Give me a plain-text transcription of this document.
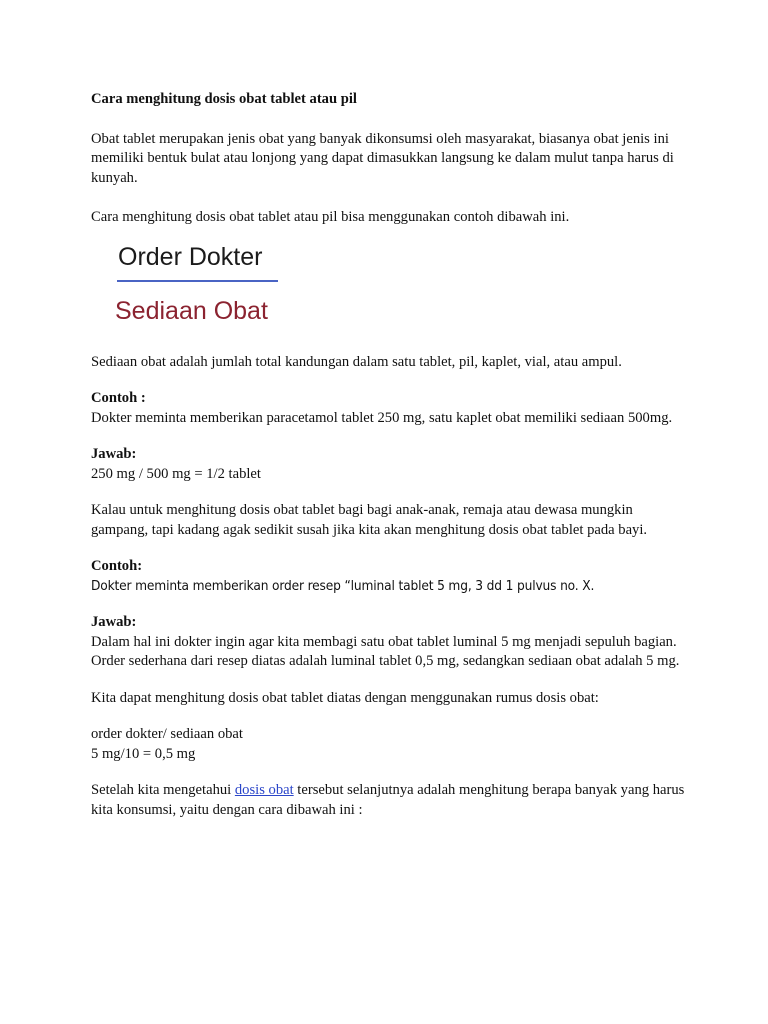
Cara menghitung dosis obat tablet atau pil

Obat tablet merupakan jenis obat yang banyak dikonsumsi oleh masyarakat, biasanya obat jenis ini memiliki bentuk bulat atau lonjong yang dapat dimasukkan langsung ke dalam mulut tanpa harus di kunyah.

Cara menghitung dosis obat tablet atau pil bisa menggunakan contoh dibawah ini.

Sediaan obat adalah jumlah total kandungan dalam satu tablet, pil, kaplet, vial, atau ampul.

Contoh :

Dokter meminta memberikan paracetamol tablet 250 mg, satu kaplet obat memiliki sediaan 500mg.

Jawab:

250 mg / 500 mg = 1/2 tablet

Kalau untuk menghitung dosis obat tablet bagi bagi anak-anak, remaja atau dewasa mungkin gampang, tapi kadang agak sedikit susah jika kita akan menghitung dosis obat tablet pada bayi.

Contoh:

Dokter meminta memberikan order resep “luminal tablet 5 mg, 3 dd 1 pulvus no. X.

Jawab:

Dalam hal ini dokter ingin agar kita membagi satu obat tablet luminal 5 mg menjadi sepuluh bagian. Order sederhana dari resep diatas adalah luminal tablet 0,5 mg, sedangkan sediaan obat adalah 5 mg.

Kita dapat menghitung dosis obat tablet diatas dengan menggunakan rumus dosis obat:

order dokter/ sediaan obat

5 mg/10 = 0,5 mg

Setelah kita mengetahui dosis obat tersebut selanjutnya adalah menghitung berapa banyak yang harus kita konsumsi, yaitu dengan cara dibawah ini :

Order Dokter
Sediaan Obat
